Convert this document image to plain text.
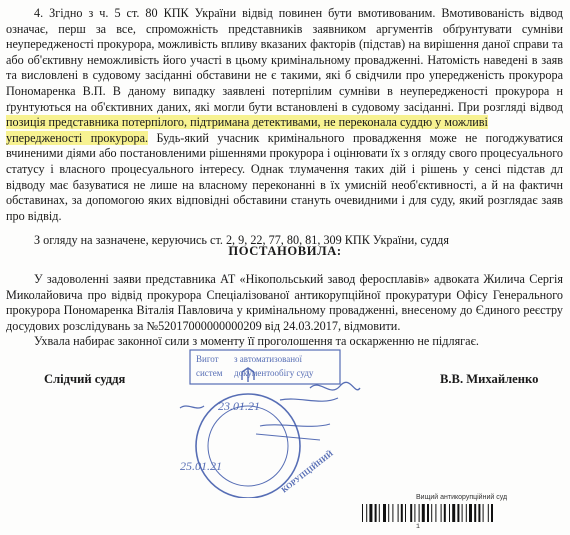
4. Згідно з ч. 5 ст. 80 КПК України відвід повинен бути вмотивованим. Вмотивованість відвод
означає, перш за все, спроможність представників заявником аргументів обґрунтувати сумніви
неупередженості прокурора, можливість впливу вказаних факторів (підстав) на вирішення даної справи та
або об'єктивну неможливість його участі в цьому кримінальному провадженні. Натомість наведені в заяв
та висловлені в судовому засіданні обставини не є такими, які б свідчили про упередженість прокурора
Пономаренка В.П. В даному випадку заявлені потерпілим сумніви в неупередженості прокурора н
ґрунтуються на об'єктивних даних, які могли бути встановлені в судовому засіданні. При розгляді відвод
позиція представника потерпілого, підтримана детективами, не переконала суддю у можливі
упередженості прокурора. Будь-який учасник кримінального провадження може не погоджуватися
вчиненими діями або постановленими рішеннями прокурора і оцінювати їх з огляду свого процесуального
статусу і власного процесуального інтересу. Однак тлумачення таких дій і рішень у сенсі підстав дл
відводу має базуватися не лише на власному переконанні в їх умисній необ'єктивності, а й на фактичн
обставинах, за допомогою яких відповідні обставини стануть очевидними і для суду, який розглядає заяв
про відвід.
З огляду на зазначене, керуючись ст. 2, 9, 22, 77, 80, 81, 309 КПК України, суддя
ПОСТАНОВИЛА:
У задоволенні заяви представника АТ «Нікопольський завод феросплавів» адвоката Жилича Сергія
Миколайовича про відвід прокурора Спеціалізованої антикорупційної прокуратури Офісу Генерального
прокурора Пономаренка Віталія Павловича у кримінальному провадженні, внесеному до Єдиного реєстру
досудових розслідувань за №52017000000000209 від 24.03.2017, відмовити.
Ухвала набирає законної сили з моменту її проголошення та оскарженню не підлягає.
Слідчий суддя	В.В. Михайленко
Вигот з автоматизованої
систем документообігу суду
23.01.21
25.01.21	КОРУПЦІЙНИЙ
Вищий антикорупційний суд
1
